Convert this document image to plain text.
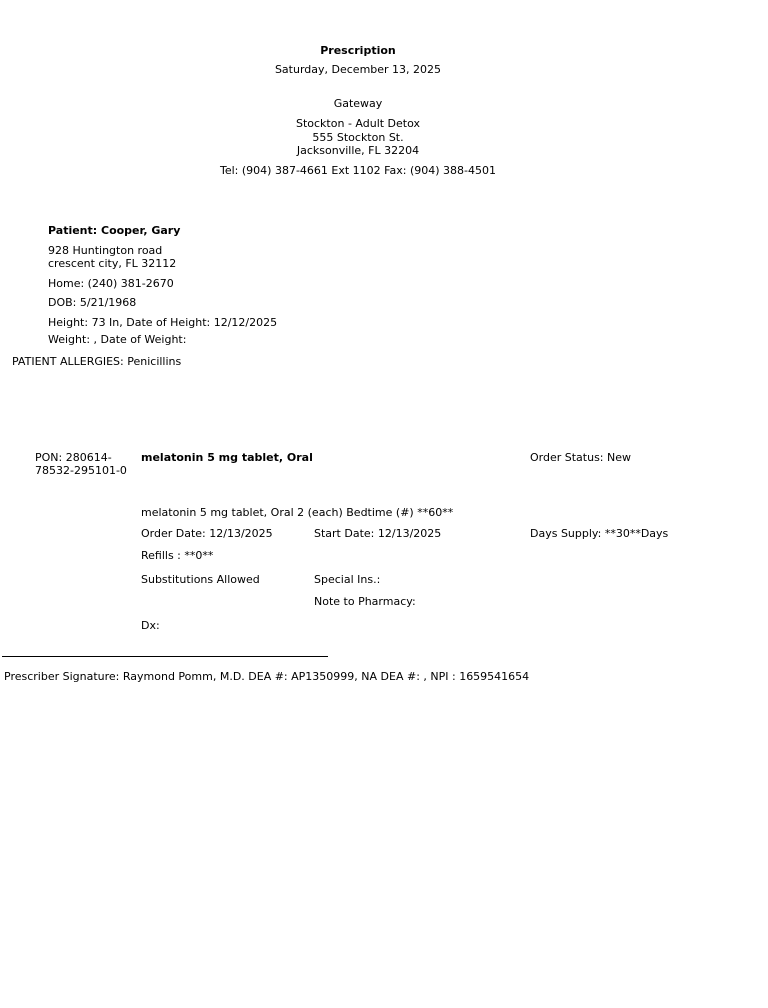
Prescription
Saturday, December 13, 2025
Gateway
Stockton - Adult Detox
555 Stockton St.
Jacksonville, FL 32204
Tel: (904) 387-4661 Ext 1102 Fax: (904) 388-4501
Patient: Cooper, Gary
928 Huntington road
crescent city, FL 32112
Home: (240) 381-2670
DOB: 5/21/1968
Height: 73 In, Date of Height: 12/12/2025
Weight: , Date of Weight:
PATIENT ALLERGIES: Penicillins
PON: 280614-
78532-295101-0
melatonin 5 mg tablet, Oral	Order Status: New
melatonin 5 mg tablet, Oral 2 (each) Bedtime (#) **60**
Order Date: 12/13/2025	Start Date: 12/13/2025	Days Supply: **30**Days
Refills : **0**
Substitutions Allowed	Special Ins.:
Note to Pharmacy:
Dx:
Prescriber Signature: Raymond Pomm, M.D. DEA #: AP1350999, NA DEA #: , NPI : 1659541654
